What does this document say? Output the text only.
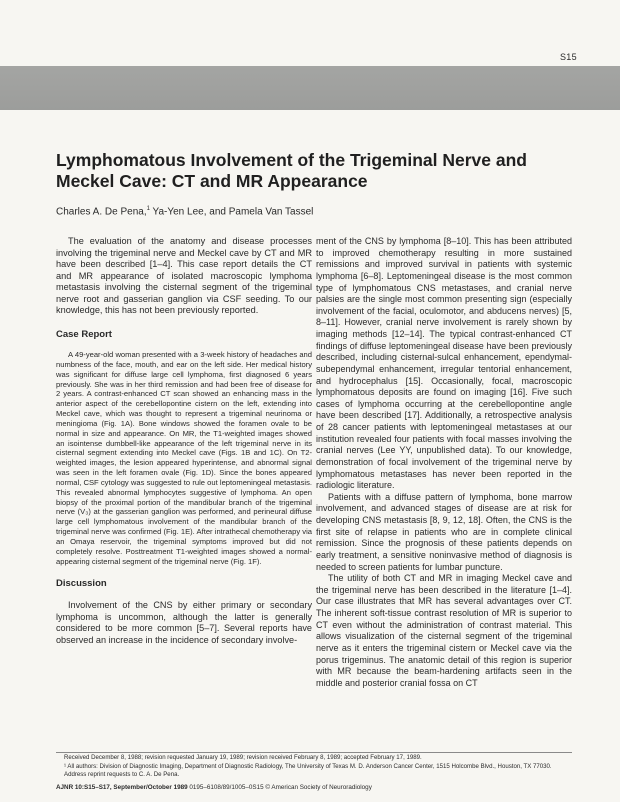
S15
Lymphomatous Involvement of the Trigeminal Nerve and Meckel Cave: CT and MR Appearance
Charles A. De Pena,$^1$ Ya-Yen Lee, and Pamela Van Tassel

The evaluation of the anatomy and disease processes involving the trigeminal nerve and Meckel cave by CT and MR have been described [1–4]. This case report details the CT and MR appearance of isolated macroscopic lymphoma metastasis involving the cisternal segment of the trigeminal nerve root and gasserian ganglion via CSF seeding. To our knowledge, this has not been previously reported.

Case Report

A 49-year-old woman presented with a 3-week history of headaches and numbness of the face, mouth, and ear on the left side. Her medical history was significant for diffuse large cell lymphoma, first diagnosed 6 years previously. She was in her third remission and had been free of disease for 2 years. A contrast-enhanced CT scan showed an enhancing mass in the anterior aspect of the cerebellopontine cistern on the left, extending into Meckel cave, which was thought to represent a trigeminal neurinoma or meningioma (Fig. 1A). Bone windows showed the foramen ovale to be normal in size and appearance. On MR, the T1-weighted images showed an isointense dumbbell-like appearance of the left trigeminal nerve in its cisternal segment extending into Meckel cave (Figs. 1B and 1C). On T2-weighted images, the lesion appeared hyperintense, and abnormal signal was seen in the left foramen ovale (Fig. 1D). Since the bones appeared normal, CSF cytology was suggested to rule out leptomeningeal metastasis. This revealed abnormal lymphocytes suggestive of lymphoma. An open biopsy of the proximal portion of the mandibular branch of the trigeminal nerve (V₃) at the gasserian ganglion was performed, and perineural diffuse large cell lymphomatous involvement of the mandibular branch of the trigeminal nerve was confirmed (Fig. 1E). After intrathecal chemotherapy via an Omaya reservoir, the trigeminal symptoms improved but did not completely resolve. Posttreatment T1-weighted images showed a normal-appearing cisternal segment of the trigeminal nerve (Fig. 1F).

Discussion

Involvement of the CNS by either primary or secondary lymphoma is uncommon, although the latter is generally considered to be more common [5–7]. Several reports have observed an increase in the incidence of secondary involve-

ment of the CNS by lymphoma [8–10]. This has been attributed to improved chemotherapy resulting in more sustained remissions and improved survival in patients with systemic lymphoma [6–8]. Leptomeningeal disease is the most common type of lymphomatous CNS metastases, and cranial nerve palsies are the single most common presenting sign (especially involvement of the facial, oculomotor, and abducens nerves) [5, 8–11]. However, cranial nerve involvement is rarely shown by imaging methods [12–14]. The typical contrast-enhanced CT findings of diffuse leptomeningeal disease have been previously described, including cisternal-sulcal enhancement, ependymal-subependymal enhancement, irregular tentorial enhancement, and hydrocephalus [15]. Occasionally, focal, macroscopic lymphomatous deposits are found on imaging [16]. Five such cases of lymphoma occurring at the cerebellopontine angle have been described [17]. Additionally, a retrospective analysis of 28 cancer patients with leptomeningeal metastases at our institution revealed four patients with focal masses involving the cranial nerves (Lee YY, unpublished data). To our knowledge, demonstration of focal involvement of the trigeminal nerve by lymphomatous metastases has never been reported in the radiologic literature.

Patients with a diffuse pattern of lymphoma, bone marrow involvement, and advanced stages of disease are at risk for developing CNS metastasis [8, 9, 12, 18]. Often, the CNS is the first site of relapse in patients who are in complete clinical remission. Since the prognosis of these patients depends on early treatment, a sensitive noninvasive method of diagnosis is needed to screen patients for lumbar puncture.

The utility of both CT and MR in imaging Meckel cave and the trigeminal nerve has been described in the literature [1–4]. Our case illustrates that MR has several advantages over CT. The inherent soft-tissue contrast resolution of MR is superior to CT even without the administration of contrast material. This allows visualization of the cisternal segment of the trigeminal nerve as it enters the trigeminal cistern or Meckel cave via the porus trigeminus. The anatomic detail of this region is superior with MR because the beam-hardening artifacts seen in the middle and posterior cranial fossa on CT

Received December 8, 1988; revision requested January 19, 1989; revision received February 8, 1989; accepted February 17, 1989.

¹ All authors: Division of Diagnostic Imaging, Department of Diagnostic Radiology, The University of Texas M. D. Anderson Cancer Center, 1515 Holcombe Blvd., Houston, TX 77030. Address reprint requests to C. A. De Pena.

AJNR 10:S15–S17, September/October 1989 0195–6108/89/1005–0S15 © American Society of Neuroradiology
